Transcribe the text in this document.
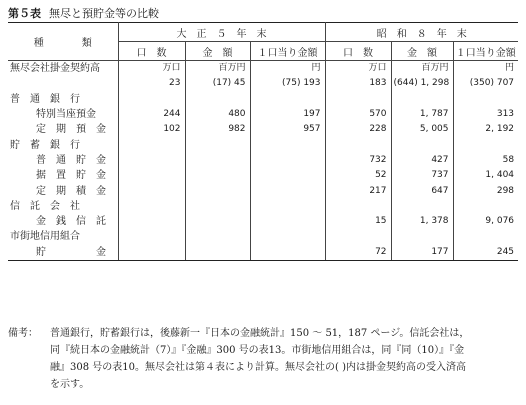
第５表 無尽と預貯金等の比較
種　類	大　正　５　年　末			昭　和　８　年　末		
	口　数	金　額	１口当り金額	口　数	金　額	１口当り金額
無尽会社掛金契約高	万口	百万円	円	万口	百万円	円
	23	(17) 45	(75) 193	183	(644) 1, 298	(350) 707
普　通　銀　行						
特別当座預金	244	480	197	570	1, 787	313
定　期　預　金	102	982	957	228	5, 005	2, 192
貯　蓄　銀　行						
普　通　貯　金				732	427	58
据　置　貯　金				52	737	1, 404
定　期　積　金				217	647	298
信　託　会　社						
金　銭　信　託				15	1, 378	9, 076
市街地信用組合						
貯　　　　　金				72	177	245
備考： 普通銀行，貯蓄銀行は，後藤新一『日本の金融統計』150 ～ 51，187 ページ。信託会社は，
同『続日本の金融統計（7）』『金融』300 号の表13。市街地信用組合は，同『同（10）』『金
融』308 号の表10。無尽会社は第４表により計算。無尽会社の( )内は掛金契約高の受入済高
を示す。
